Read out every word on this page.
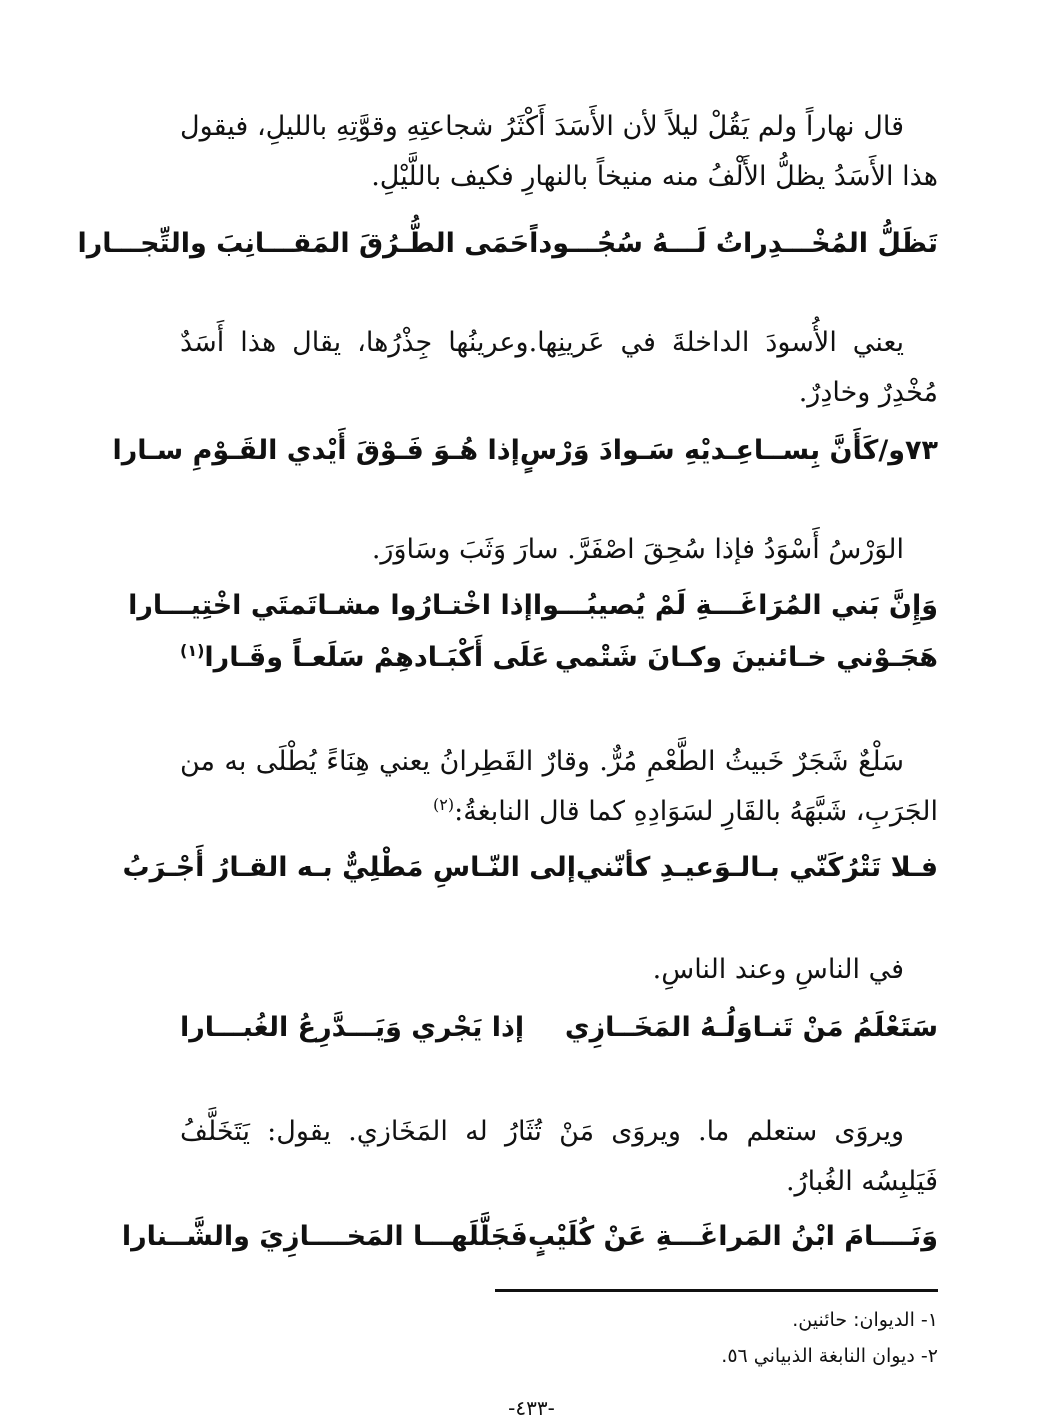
قال نهاراً ولم يَقُلْ ليلاً لأن الأَسَدَ أَكْثَرُ شجاعتِهِ وقوَّتِهِ بالليلِ، فيقول هذا الأَسَدُ يظلُّ الأَلْفُ منه منيخاً بالنهارِ فكيف باللَّيْلِ.
تَظَلُّ المُخْـــدِراتُ لَـــهُ سُجُـــوداً
حَمَى الطُّـرُقَ المَقـــانِبَ والتِّجـــارا
يعني الأُسودَ الداخلةَ في عَرينِها.وعرينُها جِذْرُها، يقال هذا أَسَدٌ مُخْدِرٌ وخادِرٌ.
٧٣و/كَأَنَّ بِســاعِـديْهِ سَـوادَ وَرْسٍ
إذا هُـوَ فَـوْقَ أَيْدي القَـوْمِ سـارا
الوَرْسُ أَسْوَدُ فإذا سُحِقَ اصْفَرَّ. سارَ وَثَبَ وسَاوَرَ.
وَإِنَّ بَني المُرَاغَـــةِ لَمْ يُصيبُـــوا
إذا اخْتـارُوا مشـاتَمتَي اخْتِيـــارا
هَجَـوْني خـائنينَ وكـانَ شَتْمي
عَلَى أَكْبَـادهِمْ سَلَعـاً وقَـارا$^{(١)}$
سَلْعٌ شَجَرٌ خَبيثُ الطَّعْمِ مُرٌّ. وقارٌ القَطِرانُ يعني هِنَاءً يُطْلَى به من الجَرَبِ، شَبَّهَهُ بالقَارِ لسَوَادِهِ كما قال النابغةُ:$^{(٢)}$
فـلا تَتْرُكَنّي بـالـوَعيـدِ كأنّني
إلى النّـاسِ مَطْلِيٌّ بـه القـارُ أَجْـرَبُ
في الناسِ وعند الناسِ.
سَتَعْلَمُ مَنْ تَنـاوَلُـهُ المَخَــازِي
إذا يَجْري وَيَـــدَّرِعُ الغُبـــارا
ويروَى ستعلم ما. ويروَى مَنْ تُثَارُ له المَخَازي. يقول: يَتَخَلَّفُ فَيَلبِسُه الغُبارُ.
وَنَــــامَ ابْنُ المَراغَـــةِ عَنْ كُلَيْبٍ
فَجَلَّلَهـــا المَخــــازِيَ والشَّــنارا
١- الديوان: حائنين.
٢- ديوان النابغة الذبياني ٥٦.
-٤٣٣-
